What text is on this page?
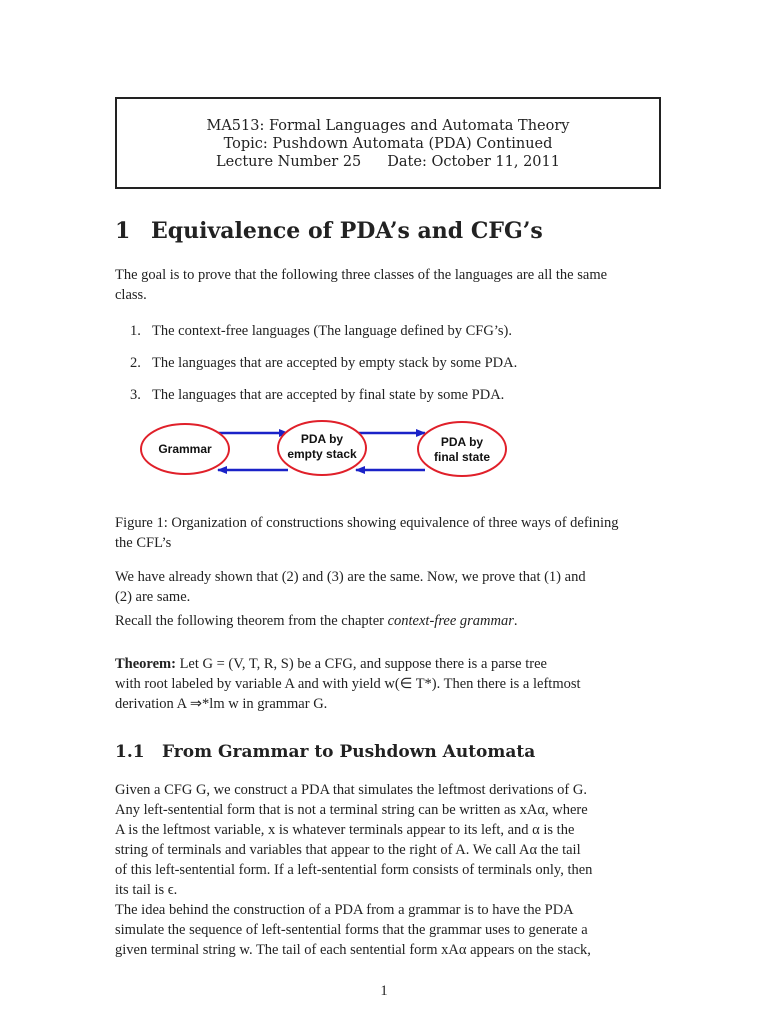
MA513: Formal Languages and Automata Theory
Topic: Pushdown Automata (PDA) Continued
Lecture Number 25 Date: October 11, 2011
1 Equivalence of PDA’s and CFG’s
The goal is to prove that the following three classes of the languages are all the same
class.
1. The context-free languages (The language defined by CFG’s).
2. The languages that are accepted by empty stack by some PDA.
3. The languages that are accepted by final state by some PDA.
Grammar
PDA by
empty stack
PDA by
final state
Figure 1: Organization of constructions showing equivalence of three ways of defining
the CFL’s
We have already shown that (2) and (3) are the same. Now, we prove that (1) and
(2) are same.
Recall the following theorem from the chapter context-free grammar.
Theorem: Let G = (V, T, R, S) be a CFG, and suppose there is a parse tree
with root labeled by variable A and with yield w(∈ T*). Then there is a leftmost
derivation A ⇒*lm w in grammar G.
1.1 From Grammar to Pushdown Automata
Given a CFG G, we construct a PDA that simulates the leftmost derivations of G.
Any left-sentential form that is not a terminal string can be written as xAα, where
A is the leftmost variable, x is whatever terminals appear to its left, and α is the
string of terminals and variables that appear to the right of A. We call Aα the tail
of this left-sentential form. If a left-sentential form consists of terminals only, then
its tail is ϵ.
The idea behind the construction of a PDA from a grammar is to have the PDA
simulate the sequence of left-sentential forms that the grammar uses to generate a
given terminal string w. The tail of each sentential form xAα appears on the stack,
1
